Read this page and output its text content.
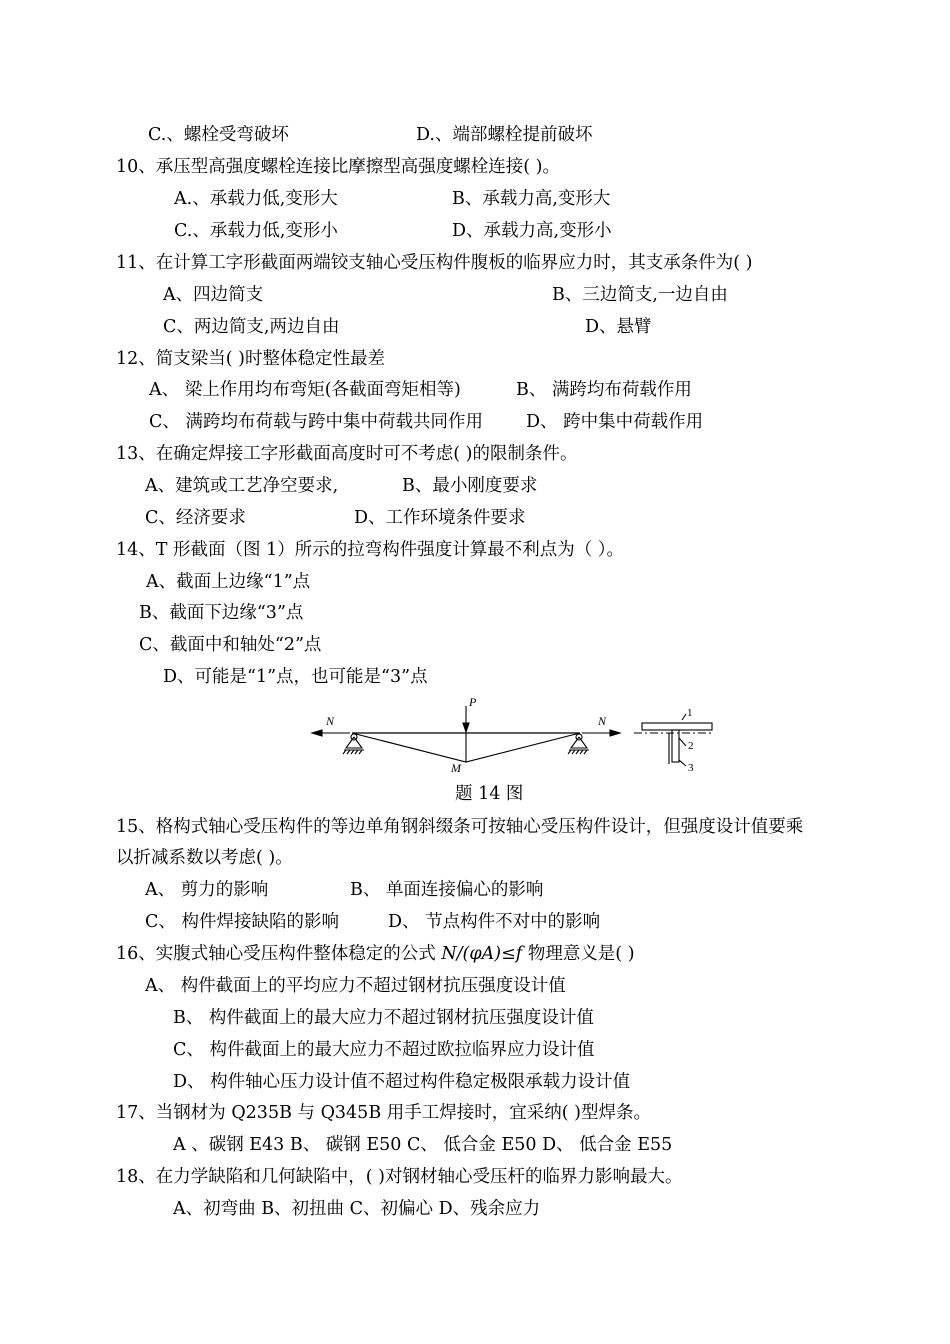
C.、螺栓受弯破坏	D.、端部螺栓提前破坏
10、承压型高强度螺栓连接比摩擦型高强度螺栓连接( )。
A.、承载力低,变形大	B、承载力高,变形大
C.、承载力低,变形小	D、承载力高,变形小
11、在计算工字形截面两端铰支轴心受压构件腹板的临界应力时，其支承条件为( )
A、四边简支	B、三边简支,一边自由
C、两边简支,两边自由	D、悬臂
12、简支梁当( )时整体稳定性最差
A、 梁上作用均布弯矩(各截面弯矩相等)	B、 满跨均布荷载作用
C、 满跨均布荷载与跨中集中荷载共同作用 D、 跨中集中荷载作用
13、在确定焊接工字形截面高度时可不考虑( )的限制条件。
A、建筑或工艺净空要求,	B、最小刚度要求
C、经济要求	D、工作环境条件要求
14、T 形截面（图 1）所示的拉弯构件强度计算最不利点为（ ）。
A、截面上边缘“1”点
B、截面下边缘“3”点
C、截面中和轴处“2”点
D、可能是“1”点，也可能是“3”点
N	N
P
M
1
2
3
题 14 图
15、格构式轴心受压构件的等边单角钢斜缀条可按轴心受压构件设计，但强度设计值要乘
以折减系数以考虑( )。
A、 剪力的影响	B、 单面连接偏心的影响
C、 构件焊接缺陷的影响	D、 节点构件不对中的影响
16、实腹式轴心受压构件整体稳定的公式 N/(φA)≤f 物理意义是( )
A、 构件截面上的平均应力不超过钢材抗压强度设计值
B、 构件截面上的最大应力不超过钢材抗压强度设计值
C、 构件截面上的最大应力不超过欧拉临界应力设计值
D、 构件轴心压力设计值不超过构件稳定极限承载力设计值
17、当钢材为 Q235B 与 Q345B 用手工焊接时，宜采纳( )型焊条。
A 、碳钢 E43 B、 碳钢 E50 C、 低合金 E50 D、 低合金 E55
18、在力学缺陷和几何缺陷中，( )对钢材轴心受压杆的临界力影响最大。
A、初弯曲 B、初扭曲 C、初偏心 D、残余应力
